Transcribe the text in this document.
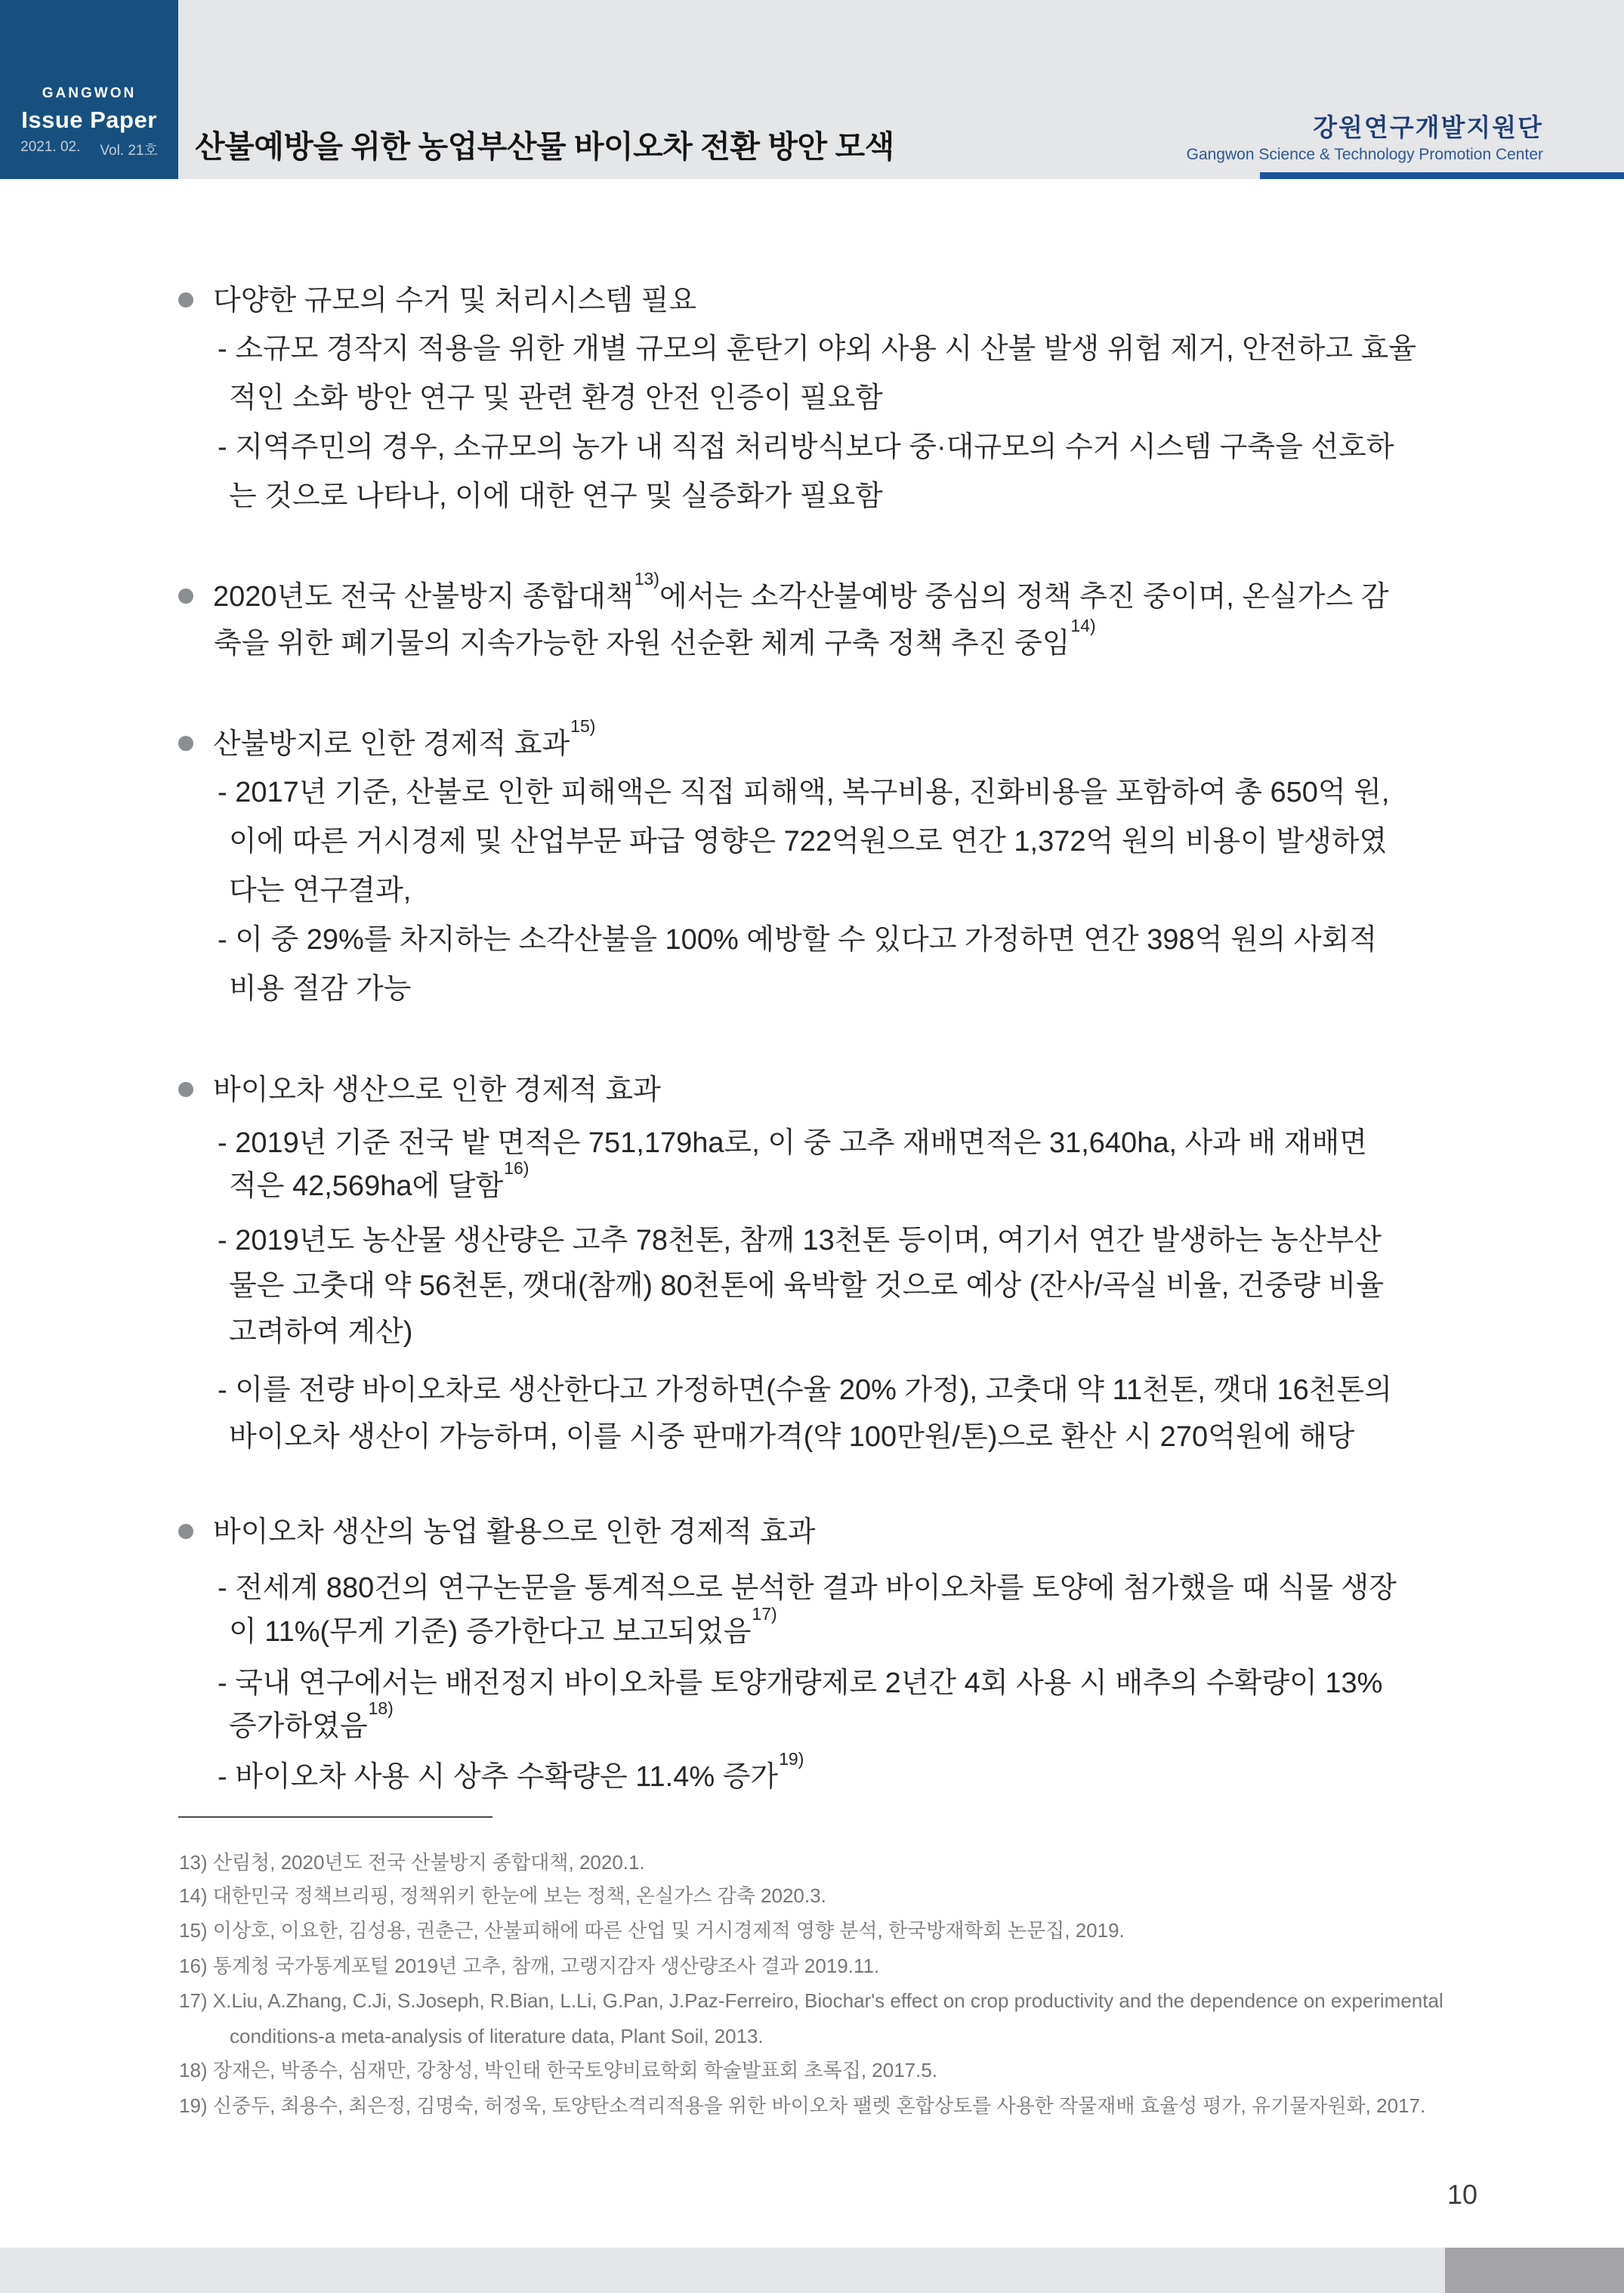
GANGWON
Issue Paper
2021. 02. Vol. 21호 산불예방을 위한 농업부산물 바이오차 전환 방안 모색
강원연구개발지원단
Gangwon Science & Technology Promotion Center
다양한 규모의 수거 및 처리시스템 필요
- 소규모 경작지 적용을 위한 개별 규모의 훈탄기 야외 사용 시 산불 발생 위험 제거, 안전하고 효율
적인 소화 방안 연구 및 관련 환경 안전 인증이 필요함
- 지역주민의 경우, 소규모의 농가 내 직접 처리방식보다 중·대규모의 수거 시스템 구축을 선호하
는 것으로 나타나, 이에 대한 연구 및 실증화가 필요함
2020년도 전국 산불방지 종합대책$^{13)}$에서는 소각산불예방 중심의 정책 추진 중이며, 온실가스 감
축을 위한 폐기물의 지속가능한 자원 선순환 체계 구축 정책 추진 중임$^{14)}$
산불방지로 인한 경제적 효과$^{15)}$
- 2017년 기준, 산불로 인한 피해액은 직접 피해액, 복구비용, 진화비용을 포함하여 총 650억 원,
이에 따른 거시경제 및 산업부문 파급 영향은 722억원으로 연간 1,372억 원의 비용이 발생하였
다는 연구결과,
- 이 중 29%를 차지하는 소각산불을 100% 예방할 수 있다고 가정하면 연간 398억 원의 사회적
비용 절감 가능
바이오차 생산으로 인한 경제적 효과
- 2019년 기준 전국 밭 면적은 751,179ha로, 이 중 고추 재배면적은 31,640ha, 사과 배 재배면
적은 42,569ha에 달함$^{16)}$
- 2019년도 농산물 생산량은 고추 78천톤, 참깨 13천톤 등이며, 여기서 연간 발생하는 농산부산
물은 고춧대 약 56천톤, 깻대(참깨) 80천톤에 육박할 것으로 예상 (잔사/곡실 비율, 건중량 비율
고려하여 계산)
- 이를 전량 바이오차로 생산한다고 가정하면(수율 20% 가정), 고춧대 약 11천톤, 깻대 16천톤의
바이오차 생산이 가능하며, 이를 시중 판매가격(약 100만원/톤)으로 환산 시 270억원에 해당
바이오차 생산의 농업 활용으로 인한 경제적 효과
- 전세계 880건의 연구논문을 통계적으로 분석한 결과 바이오차를 토양에 첨가했을 때 식물 생장
이 11%(무게 기준) 증가한다고 보고되었음$^{17)}$
- 국내 연구에서는 배전정지 바이오차를 토양개량제로 2년간 4회 사용 시 배추의 수확량이 13%
증가하였음$^{18)}$
- 바이오차 사용 시 상추 수확량은 11.4% 증가$^{19)}$
13) 산림청, 2020년도 전국 산불방지 종합대책, 2020.1.
14) 대한민국 정책브리핑, 정책위키 한눈에 보는 정책, 온실가스 감축 2020.3.
15) 이상호, 이요한, 김성용, 권춘근, 산불피해에 따른 산업 및 거시경제적 영향 분석, 한국방재학회 논문집, 2019.
16) 통계청 국가통계포털 2019년 고추, 참깨, 고랭지감자 생산량조사 결과 2019.11.
17) X.Liu, A.Zhang, C.Ji, S.Joseph, R.Bian, L.Li, G.Pan, J.Paz-Ferreiro, Biochar's effect on crop productivity and the dependence on experimental
conditions-a meta-analysis of literature data, Plant Soil, 2013.
18) 장재은, 박종수, 심재만, 강창성, 박인태 한국토양비료학회 학술발표회 초록집, 2017.5.
19) 신중두, 최용수, 최은정, 김명숙, 허정욱, 토양탄소격리적용을 위한 바이오차 팰렛 혼합상토를 사용한 작물재배 효율성 평가, 유기물자원화, 2017.
10
